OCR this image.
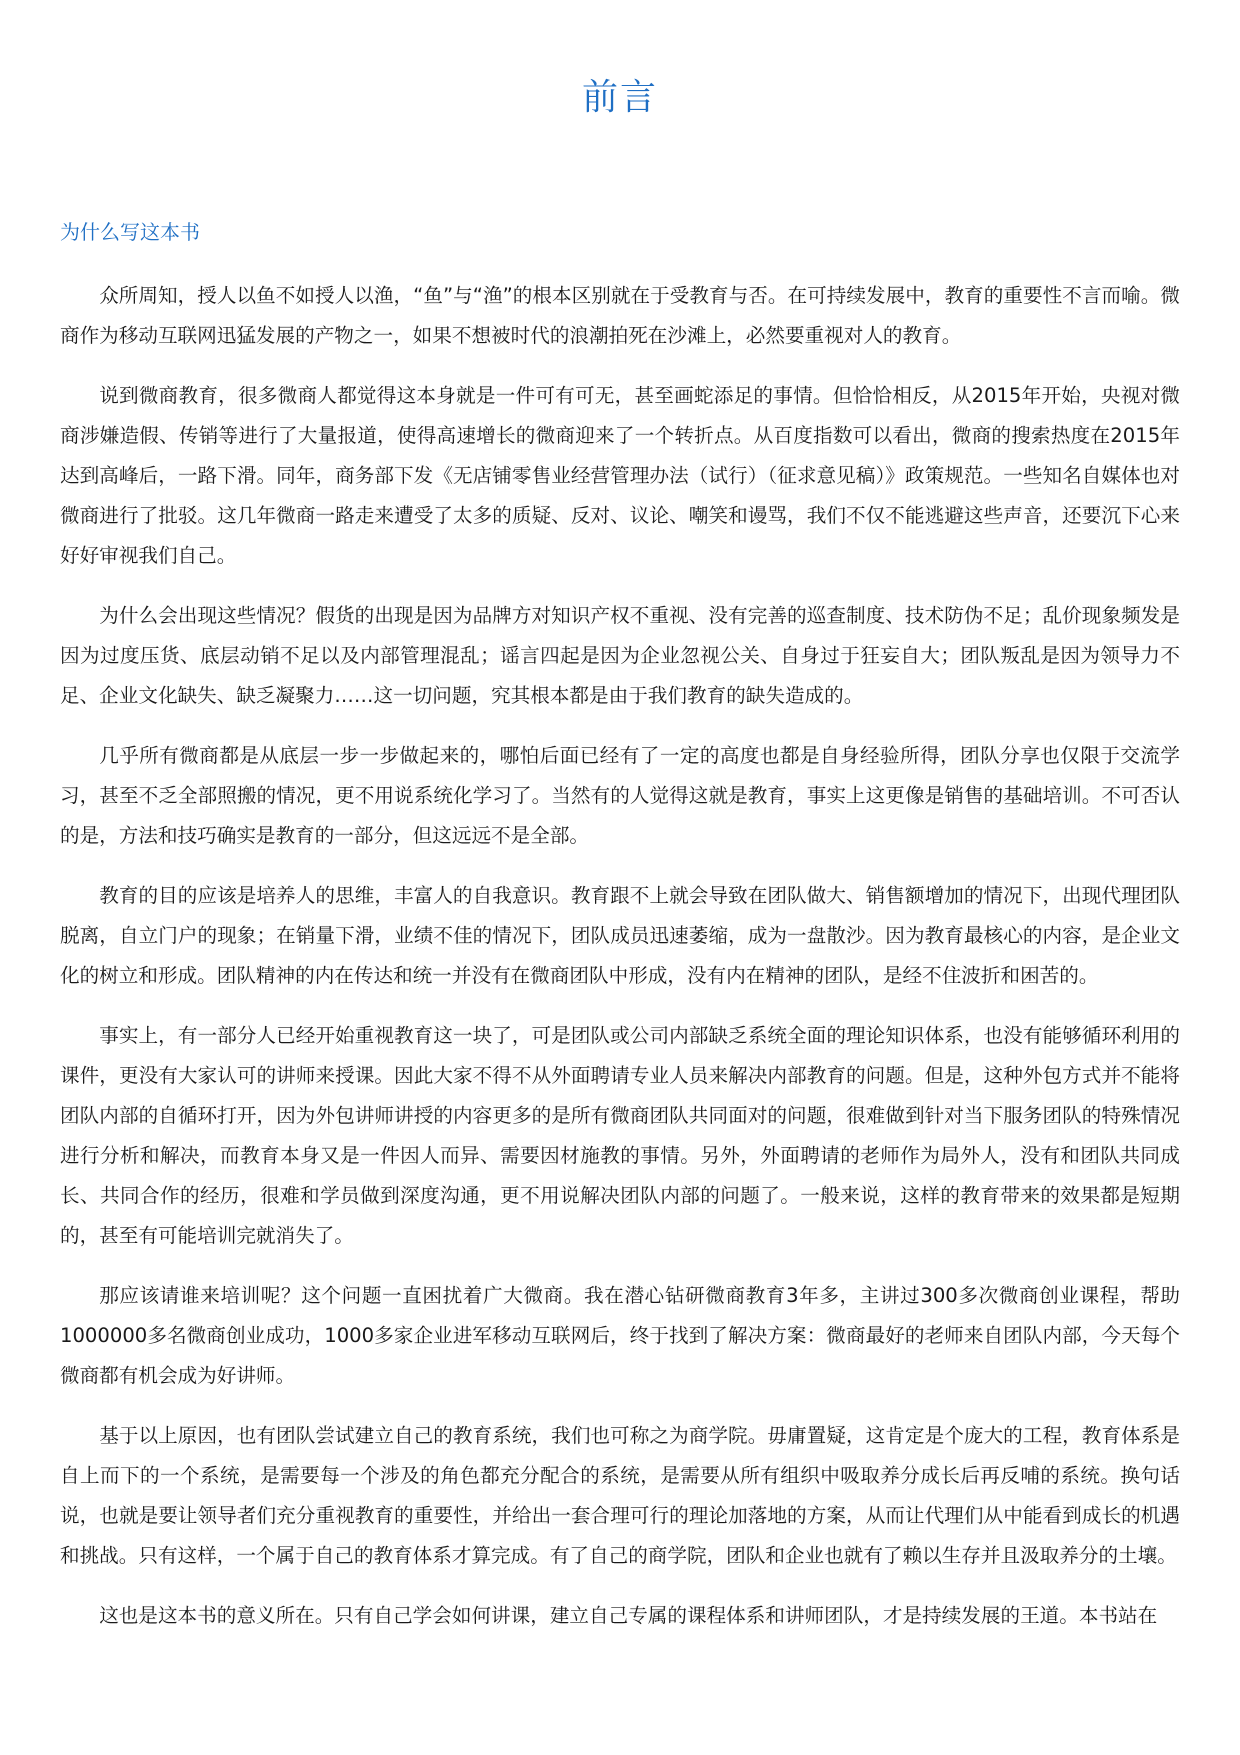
前言
为什么写这本书

众所周知，授人以鱼不如授人以渔，“鱼”与“渔”的根本区别就在于受教育与否。在可持续发展中，教育的重要性不言而喻。微商作为移动互联网迅猛发展的产物之一，如果不想被时代的浪潮拍死在沙滩上，必然要重视对人的教育。

说到微商教育，很多微商人都觉得这本身就是一件可有可无，甚至画蛇添足的事情。但恰恰相反，从2015年开始，央视对微商涉嫌造假、传销等进行了大量报道，使得高速增长的微商迎来了一个转折点。从百度指数可以看出，微商的搜索热度在2015年达到高峰后，一路下滑。同年，商务部下发《无店铺零售业经营管理办法（试行）（征求意见稿）》政策规范。一些知名自媒体也对微商进行了批驳。这几年微商一路走来遭受了太多的质疑、反对、议论、嘲笑和谩骂，我们不仅不能逃避这些声音，还要沉下心来好好审视我们自己。

为什么会出现这些情况？假货的出现是因为品牌方对知识产权不重视、没有完善的巡查制度、技术防伪不足；乱价现象频发是因为过度压货、底层动销不足以及内部管理混乱；谣言四起是因为企业忽视公关、自身过于狂妄自大；团队叛乱是因为领导力不足、企业文化缺失、缺乏凝聚力……这一切问题，究其根本都是由于我们教育的缺失造成的。

几乎所有微商都是从底层一步一步做起来的，哪怕后面已经有了一定的高度也都是自身经验所得，团队分享也仅限于交流学习，甚至不乏全部照搬的情况，更不用说系统化学习了。当然有的人觉得这就是教育，事实上这更像是销售的基础培训。不可否认的是，方法和技巧确实是教育的一部分，但这远远不是全部。

教育的目的应该是培养人的思维，丰富人的自我意识。教育跟不上就会导致在团队做大、销售额增加的情况下，出现代理团队脱离，自立门户的现象；在销量下滑，业绩不佳的情况下，团队成员迅速萎缩，成为一盘散沙。因为教育最核心的内容，是企业文化的树立和形成。团队精神的内在传达和统一并没有在微商团队中形成，没有内在精神的团队，是经不住波折和困苦的。

事实上，有一部分人已经开始重视教育这一块了，可是团队或公司内部缺乏系统全面的理论知识体系，也没有能够循环利用的课件，更没有大家认可的讲师来授课。因此大家不得不从外面聘请专业人员来解决内部教育的问题。但是，这种外包方式并不能将团队内部的自循环打开，因为外包讲师讲授的内容更多的是所有微商团队共同面对的问题，很难做到针对当下服务团队的特殊情况进行分析和解决，而教育本身又是一件因人而异、需要因材施教的事情。另外，外面聘请的老师作为局外人，没有和团队共同成长、共同合作的经历，很难和学员做到深度沟通，更不用说解决团队内部的问题了。一般来说，这样的教育带来的效果都是短期的，甚至有可能培训完就消失了。

那应该请谁来培训呢？这个问题一直困扰着广大微商。我在潜心钻研微商教育3年多，主讲过300多次微商创业课程，帮助1000000多名微商创业成功，1000多家企业进军移动互联网后，终于找到了解决方案：微商最好的老师来自团队内部，今天每个微商都有机会成为好讲师。

基于以上原因，也有团队尝试建立自己的教育系统，我们也可称之为商学院。毋庸置疑，这肯定是个庞大的工程，教育体系是自上而下的一个系统，是需要每一个涉及的角色都充分配合的系统，是需要从所有组织中吸取养分成长后再反哺的系统。换句话说，也就是要让领导者们充分重视教育的重要性，并给出一套合理可行的理论加落地的方案，从而让代理们从中能看到成长的机遇和挑战。只有这样，一个属于自己的教育体系才算完成。有了自己的商学院，团队和企业也就有了赖以生存并且汲取养分的土壤。

这也是这本书的意义所在。只有自己学会如何讲课，建立自己专属的课程体系和讲师团队，才是持续发展的王道。本书站在
